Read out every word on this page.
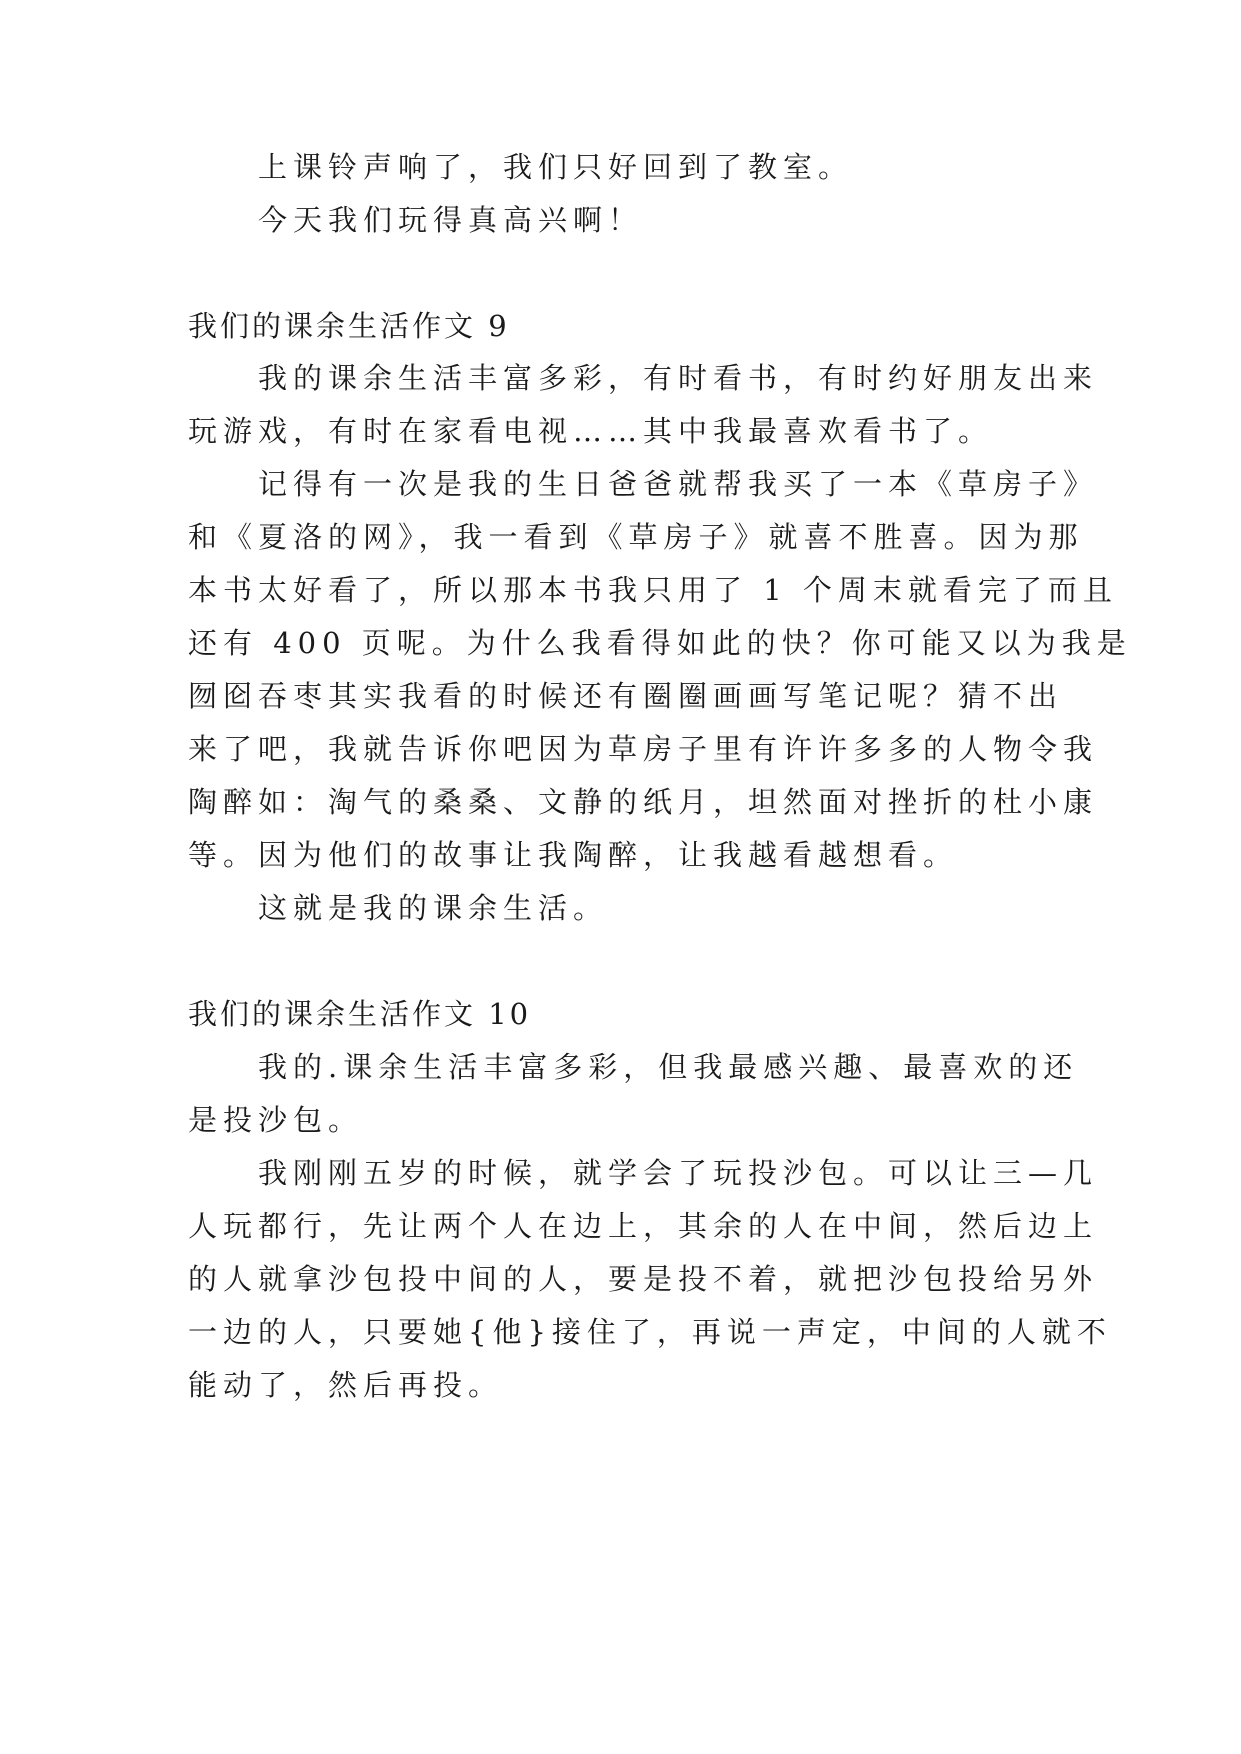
上课铃声响了，我们只好回到了教室。
今天我们玩得真高兴啊！
我们的课余生活作文 9
我的课余生活丰富多彩，有时看书，有时约好朋友出来
玩游戏，有时在家看电视……其中我最喜欢看书了。
记得有一次是我的生日爸爸就帮我买了一本《草房子》
和《夏洛的网》，我一看到《草房子》就喜不胜喜。因为那
本书太好看了，所以那本书我只用了 1 个周末就看完了而且
还有 400 页呢。为什么我看得如此的快？你可能又以为我是
囫囵吞枣其实我看的时候还有圈圈画画写笔记呢？猜不出
来了吧，我就告诉你吧因为草房子里有许许多多的人物令我
陶醉如：淘气的桑桑、文静的纸月，坦然面对挫折的杜小康
等。因为他们的故事让我陶醉，让我越看越想看。
这就是我的课余生活。
我们的课余生活作文 10
我的.课余生活丰富多彩，但我最感兴趣、最喜欢的还
是投沙包。
我刚刚五岁的时候，就学会了玩投沙包。可以让三—几
人玩都行，先让两个人在边上，其余的人在中间，然后边上
的人就拿沙包投中间的人，要是投不着，就把沙包投给另外
一边的人，只要她{他}接住了，再说一声定，中间的人就不
能动了，然后再投。
